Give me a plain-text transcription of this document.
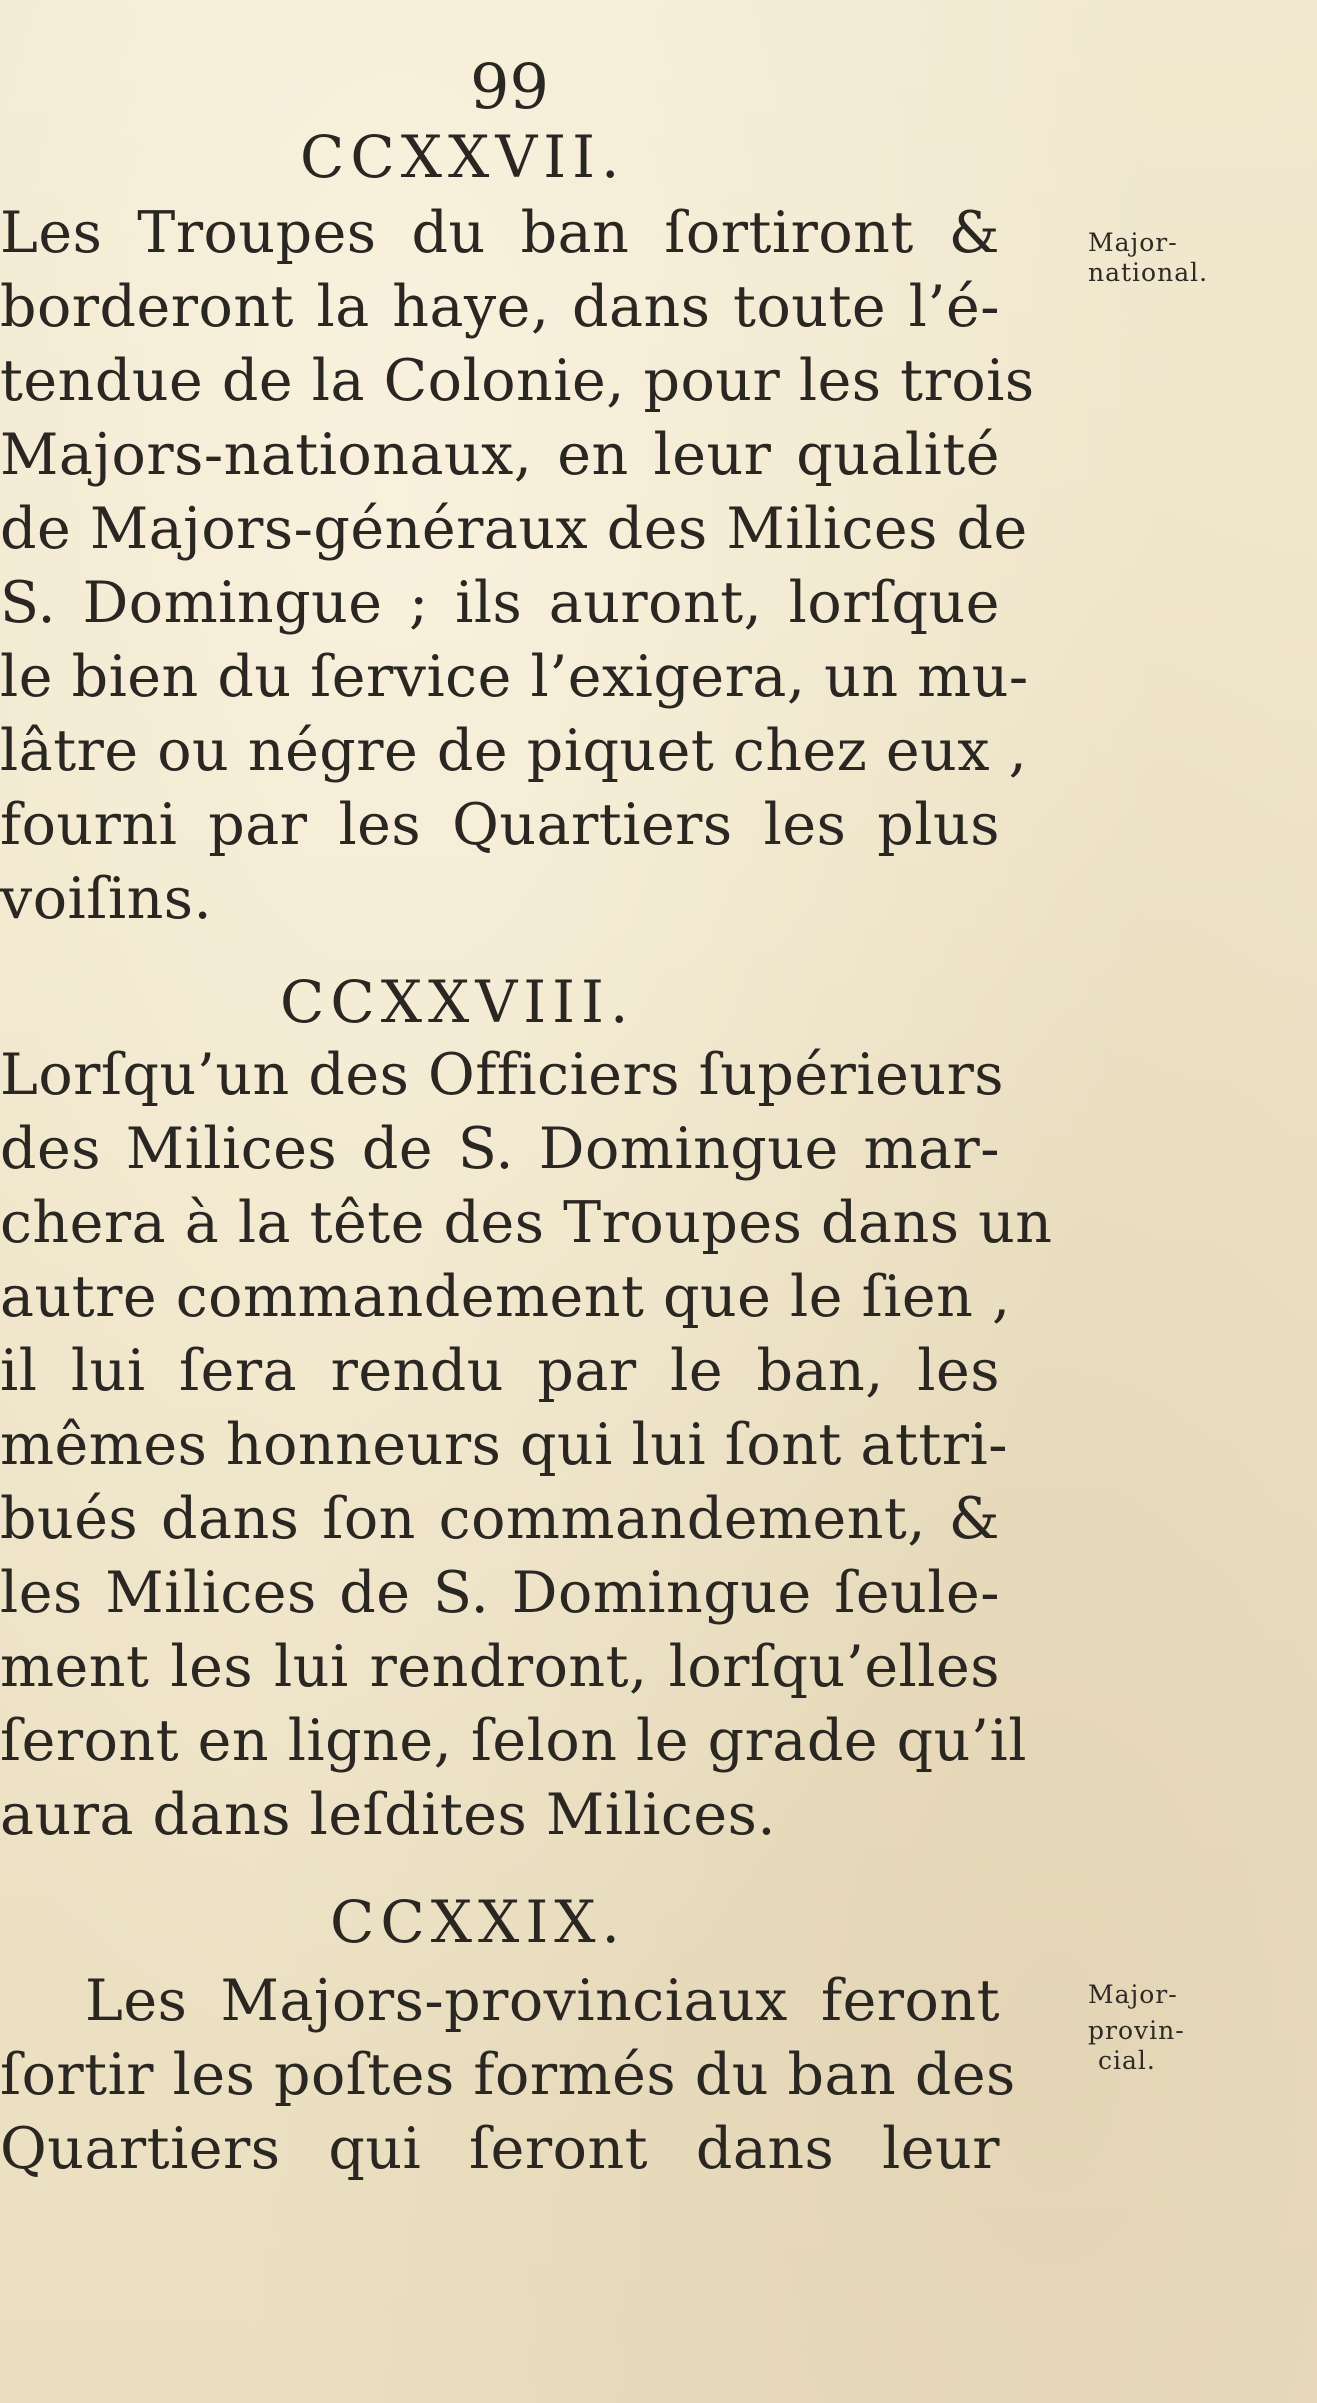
99
CCXXVII.
Les Troupes du ban ſortiront &
borderont la haye, dans toute l’é-
tendue de la Colonie, pour les trois
Majors-nationaux, en leur qualité
de Majors-généraux des Milices de
S. Domingue ; ils auront, lorſque
le bien du ſervice l’exigera, un mu-
lâtre ou négre de piquet chez eux ,
fourni par les Quartiers les plus
voiſins.
CCXXVIII.
Lorſqu’un des Officiers ſupérieurs
des Milices de S. Domingue mar-
chera à la tête des Troupes dans un
autre commandement que le ſien ,
il lui ſera rendu par le ban, les
mêmes honneurs qui lui ſont attri-
bués dans ſon commandement, &
les Milices de S. Domingue ſeule-
ment les lui rendront, lorſqu’elles
ſeront en ligne, ſelon le grade qu’il
aura dans leſdites Milices.
CCXXIX.
Les Majors-provinciaux feront
ſortir les poſtes formés du ban des
Quartiers qui ſeront dans leur
Major-
national.
Major-
provin-
cial.
